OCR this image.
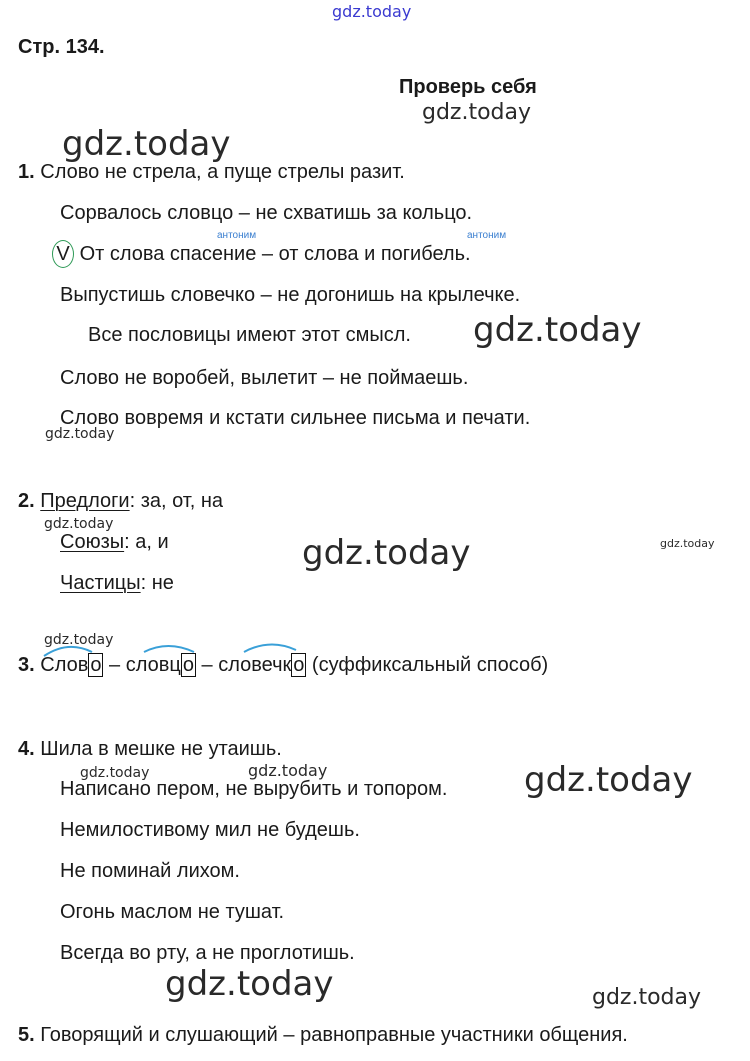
gdz.today
Стр. 134.
Проверь себя
gdz.today
gdz.today
1. Слово не стрела, а пуще стрелы разит.
Сорвалось словцо – не схватишь за кольцо.
антоним	антоним
V От слова спасение – от слова и погибель.
Выпустишь словечко – не догонишь на крылечке.
Все пословицы имеют этот смысл. gdz.today
Слово не воробей, вылетит – не поймаешь.
Слово вовремя и кстати сильнее письма и печати.
gdz.today
2. Предлоги: за, от, на
gdz.today
Союзы: а, и	gdz.today	gdz.today
Частицы: не
gdz.today
3. Слов о – словц о – словечк о (суффиксальный способ)
4. Шила в мешке не утаишь.
gdz.today	gdz.today
Написано пером, не вырубить и топором. gdz.today
Немилостивому мил не будешь.
Не поминай лихом.
Огонь маслом не тушат.
Всегда во рту, а не проглотишь.
gdz.today	gdz.today
5. Говорящий и слушающий – равноправные участники общения.
